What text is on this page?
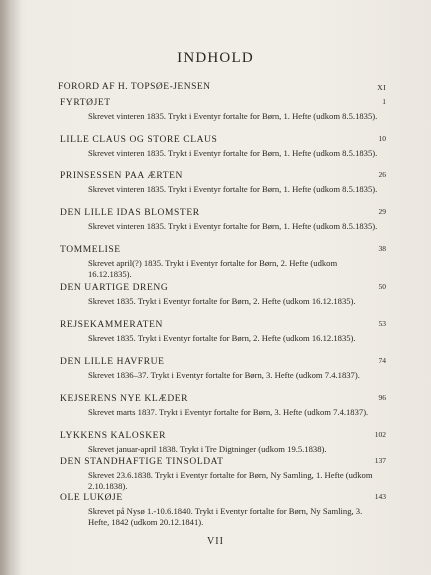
INDHOLD
FORORD AF H. TOPSØE-JENSEN	XI
FYRTØJET
Skrevet vinteren 1835. Trykt i Eventyr fortalte for Børn, 1. Hefte (udkom 8.5.1835).
1
LILLE CLAUS OG STORE CLAUS
Skrevet vinteren 1835. Trykt i Eventyr fortalte for Børn, 1. Hefte (udkom 8.5.1835).
10
PRINSESSEN PAA ÆRTEN
Skrevet vinteren 1835. Trykt i Eventyr fortalte for Børn, 1. Hefte (udkom 8.5.1835).
26
DEN LILLE IDAS BLOMSTER
Skrevet vinteren 1835. Trykt i Eventyr fortalte for Børn, 1. Hefte (udkom 8.5.1835).
29
TOMMELISE
Skrevet april(?) 1835. Trykt i Eventyr fortalte for Børn, 2. Hefte (udkom 16.12.1835).
38
DEN UARTIGE DRENG
Skrevet 1835. Trykt i Eventyr fortalte for Børn, 2. Hefte (udkom 16.12.1835).
50
REJSEKAMMERATEN
Skrevet 1835. Trykt i Eventyr fortalte for Børn, 2. Hefte (udkom 16.12.1835).
53
DEN LILLE HAVFRUE
Skrevet 1836–37. Trykt i Eventyr fortalte for Børn, 3. Hefte (udkom 7.4.1837).
74
KEJSERENS NYE KLÆDER
Skrevet marts 1837. Trykt i Eventyr fortalte for Børn, 3. Hefte (udkom 7.4.1837).
96
LYKKENS KALOSKER
Skrevet januar-april 1838. Trykt i Tre Digtninger (udkom 19.5.1838).
102
DEN STANDHAFTIGE TINSOLDAT
Skrevet 23.6.1838. Trykt i Eventyr fortalte for Børn, Ny Samling, 1. Hefte (udkom 2.10.1838).
137
OLE LUKØJE
Skrevet på Nysø 1.-10.6.1840. Trykt i Eventyr fortalte for Børn, Ny Samling, 3. Hefte, 1842 (udkom 20.12.1841).
143
VII
